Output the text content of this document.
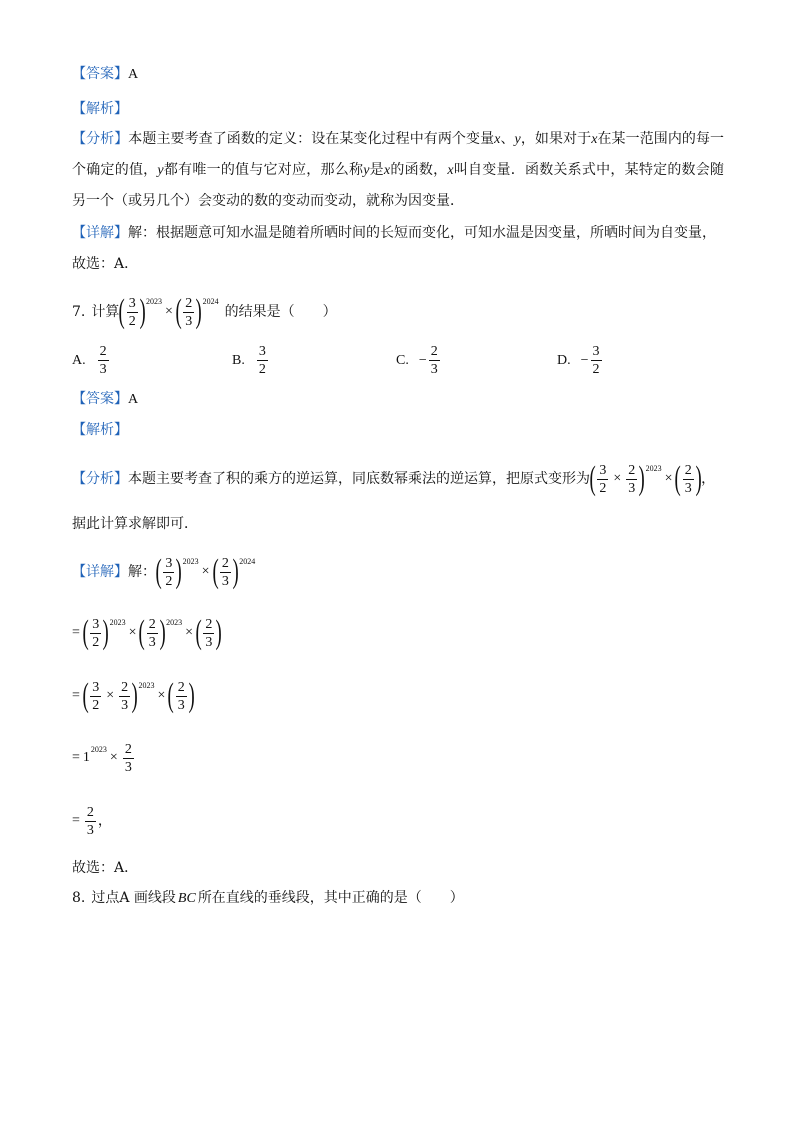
【答案】A
【解析】
【分析】本题主要考查了函数的定义：设在某变化过程中有两个变量x、y，如果对于x在某一范围内的每一个确定的值，y都有唯一的值与它对应，那么称y是x的函数，x叫自变量．函数关系式中，某特定的数会随另一个（或另几个）会变动的数的变动而变动，就称为因变量．
【详解】解：根据题意可知水温是随着所晒时间的长短而变化，可知水温是因变量，所晒时间为自变量，
故选：A．
7. 计算 ( $\frac{3}{2}$ ) 2023
× ( $\frac{2}{3}$ ) 2024
的结果是（　　）
A. $\frac{2}{3}$	B. $\frac{3}{2}$	C. − $\frac{2}{3}$	D. − $\frac{3}{2}$
【答案】A
【解析】
【分析】 本题主要考查了积的乘方的逆运算，同底数幂乘法的逆运算，把原式变形为 ( $\frac{3}{2} \times \frac{2}{3}$ ) 2023
× ( $\frac{2}{3}$ ) ，
据此计算求解即可．
【详解】 解： ( $\frac{3}{2}$ ) 2023
× ( $\frac{2}{3}$ ) 2024
= ( $\frac{3}{2}$ ) 2023
× ( $\frac{2}{3}$ ) 2023
× ( $\frac{2}{3}$ )
= ( $\frac{3}{2} \times \frac{2}{3}$ ) 2023
× ( $\frac{2}{3}$ )
= 1
2023
× $\frac{2}{3}$
= $\frac{2}{3}$ ，
故选：A．
8. 过点A 画线段 BC 所在直线的垂线段，其中正确的是（　　）
